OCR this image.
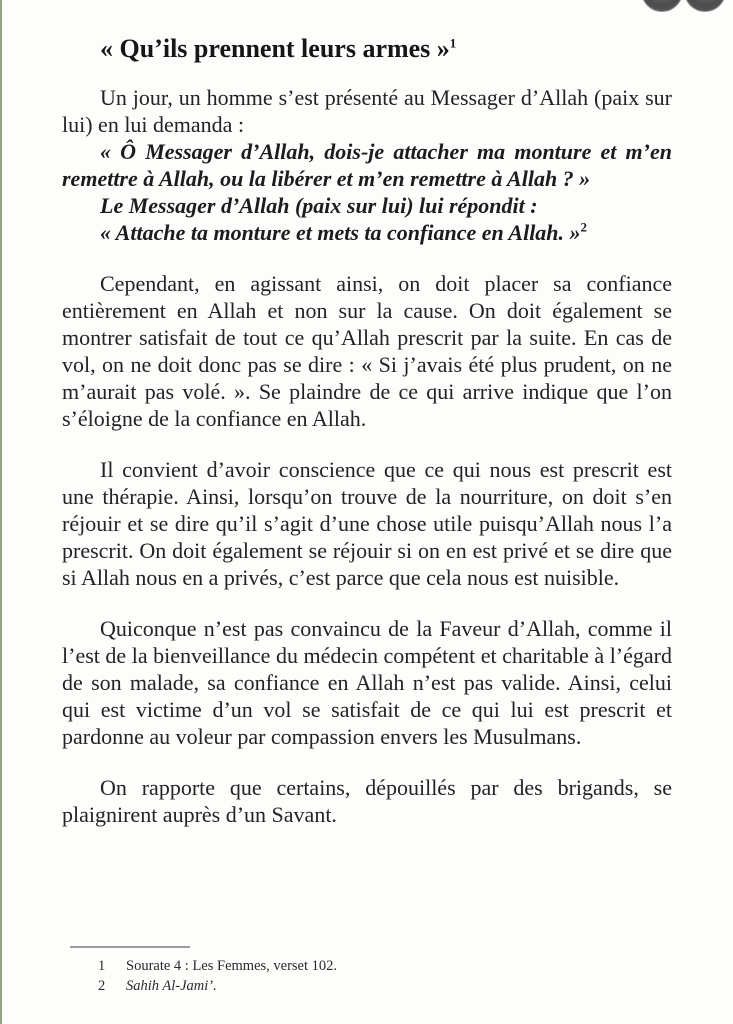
« Qu’ils prennent leurs armes »$^1$

Un jour, un homme s’est présenté au Messager d’Allah (paix sur lui) en lui demanda :

« Ô Messager d’Allah, dois-je attacher ma monture et m’en remettre à Allah, ou la libérer et m’en remettre à Allah ? »

Le Messager d’Allah (paix sur lui) lui répondit :

« Attache ta monture et mets ta confiance en Allah. »$^2$

Cependant, en agissant ainsi, on doit placer sa confiance entièrement en Allah et non sur la cause. On doit également se montrer satisfait de tout ce qu’Allah prescrit par la suite. En cas de vol, on ne doit donc pas se dire : « Si j’avais été plus prudent, on ne m’aurait pas volé. ». Se plaindre de ce qui arrive indique que l’on s’éloigne de la confiance en Allah.

Il convient d’avoir conscience que ce qui nous est prescrit est une thérapie. Ainsi, lorsqu’on trouve de la nourriture, on doit s’en réjouir et se dire qu’il s’agit d’une chose utile puisqu’Allah nous l’a prescrit. On doit également se réjouir si on en est privé et se dire que si Allah nous en a privés, c’est parce que cela nous est nuisible.

Quiconque n’est pas convaincu de la Faveur d’Allah, comme il l’est de la bienveillance du médecin compétent et charitable à l’égard de son malade, sa confiance en Allah n’est pas valide. Ainsi, celui qui est victime d’un vol se satisfait de ce qui lui est prescrit et pardonne au voleur par compassion envers les Musulmans.

On rapporte que certains, dépouillés par des brigands, se plaignirent auprès d’un Savant.

1	Sourate 4 : Les Femmes, verset 102.
2	Sahih Al-Jami’.
